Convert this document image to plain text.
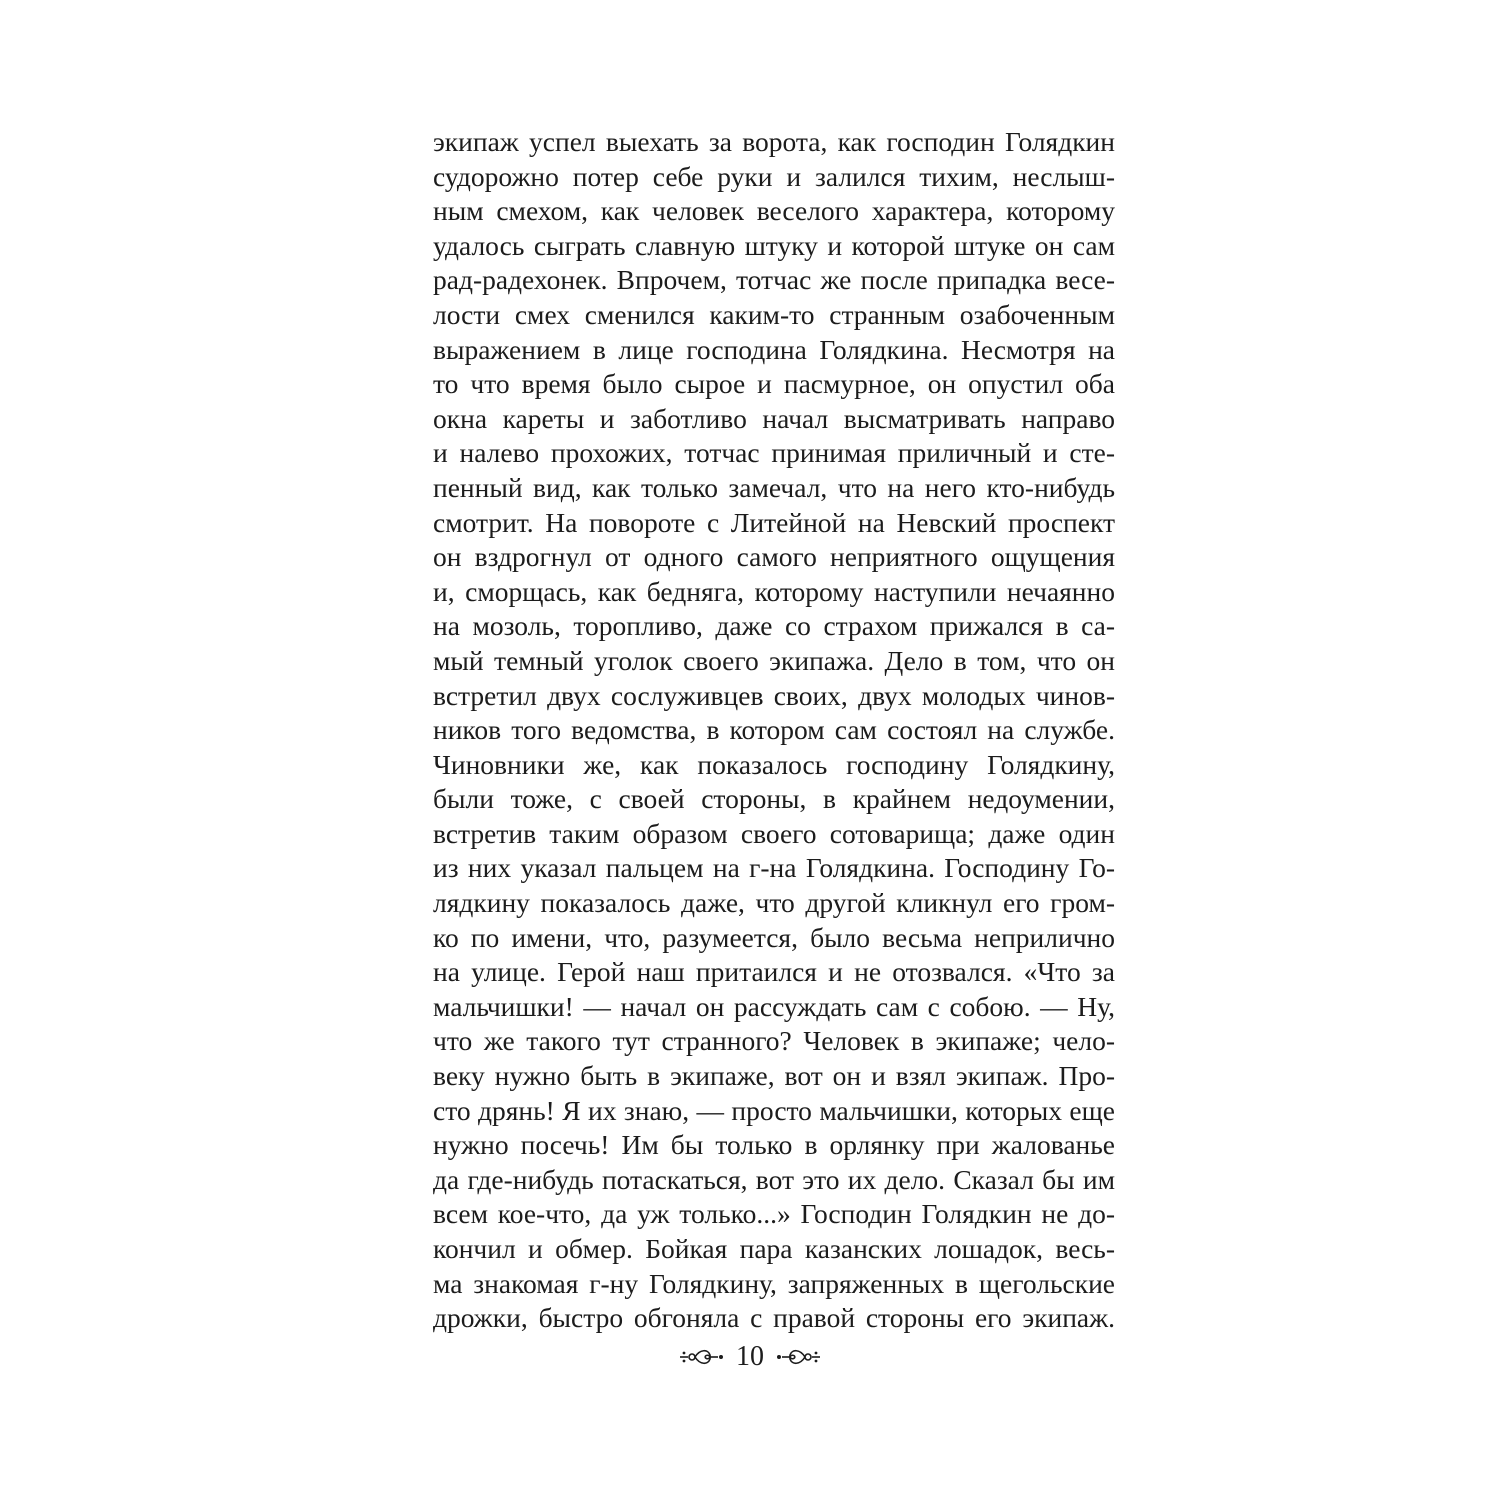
экипаж успел выехать за ворота, как господин Голядкин
судорожно потер себе руки и залился тихим, неслыш-
ным смехом, как человек веселого характера, которому
удалось сыграть славную штуку и которой штуке он сам
рад-радехонек. Впрочем, тотчас же после припадка весе-
лости смех сменился каким-то странным озабоченным
выражением в лице господина Голядкина. Несмотря на
то что время было сырое и пасмурное, он опустил оба
окна кареты и заботливо начал высматривать направо
и налево прохожих, тотчас принимая приличный и сте-
пенный вид, как только замечал, что на него кто-нибудь
смотрит. На повороте с Литейной на Невский проспект
он вздрогнул от одного самого неприятного ощущения
и, сморщась, как бедняга, которому наступили нечаянно
на мозоль, торопливо, даже со страхом прижался в са-
мый темный уголок своего экипажа. Дело в том, что он
встретил двух сослуживцев своих, двух молодых чинов-
ников того ведомства, в котором сам состоял на службе.
Чиновники же, как показалось господину Голядкину,
были тоже, с своей стороны, в крайнем недоумении,
встретив таким образом своего сотоварища; даже один
из них указал пальцем на г-на Голядкина. Господину Го-
лядкину показалось даже, что другой кликнул его гром-
ко по имени, что, разумеется, было весьма неприлично
на улице. Герой наш притаился и не отозвался. «Что за
мальчишки! — начал он рассуждать сам с собою. — Ну,
что же такого тут странного? Человек в экипаже; чело-
веку нужно быть в экипаже, вот он и взял экипаж. Про-
сто дрянь! Я их знаю, — просто мальчишки, которых еще
нужно посечь! Им бы только в орлянку при жалованье
да где-нибудь потаскаться, вот это их дело. Сказал бы им
всем кое-что, да уж только...» Господин Голядкин не до-
кончил и обмер. Бойкая пара казанских лошадок, весь-
ма знакомая г-ну Голядкину, запряженных в щегольские
дрожки, быстро обгоняла с правой стороны его экипаж.
10
